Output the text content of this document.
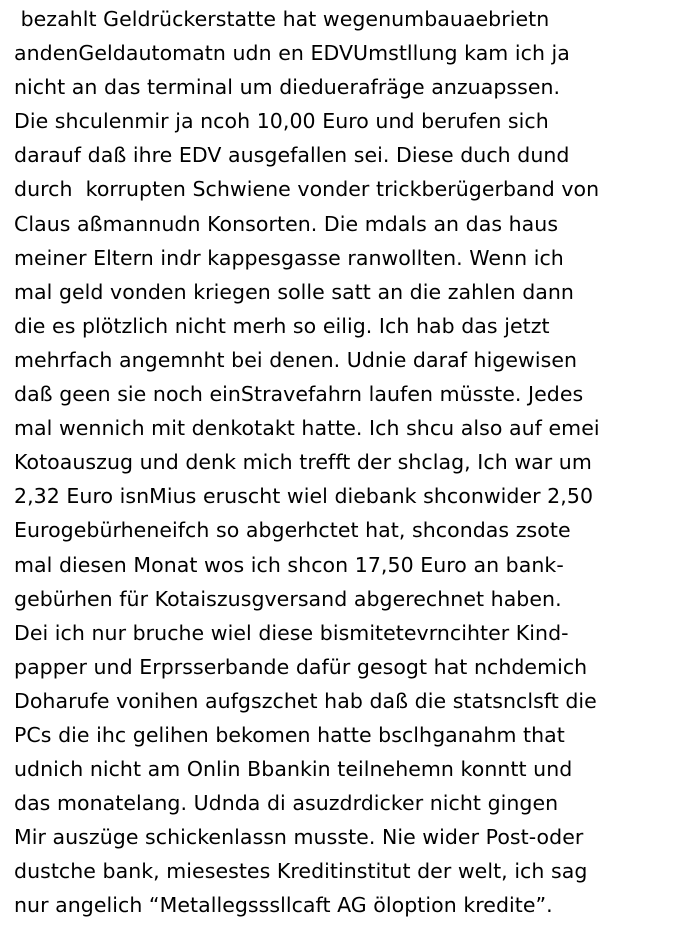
bezahlt Geldrückerstatte hat wegenumbauaebrietn
andenGeldautomatn udn en EDVUmstllung kam ich ja
nicht an das terminal um dieduerafräge anzuapssen.
Die shculenmir ja ncoh 10,00 Euro und berufen sich
darauf daß ihre EDV ausgefallen sei. Diese duch dund
durch  korrupten Schwiene vonder trickberügerband von
Claus aßmannudn Konsorten. Die mdals an das haus
meiner Eltern indr kappesgasse ranwollten. Wenn ich
mal geld vonden kriegen solle satt an die zahlen dann
die es plötzlich nicht merh so eilig. Ich hab das jetzt
mehrfach angemnht bei denen. Udnie daraf higewisen
daß geen sie noch einStravefahrn laufen müsste. Jedes
mal wennich mit denkotakt hatte. Ich shcu also auf emei
Kotoauszug und denk mich trefft der shclag, Ich war um
2,32 Euro isnMius eruscht wiel diebank shconwider 2,50
Eurogebürheneifch so abgerhctet hat, shcondas zsote
mal diesen Monat wos ich shcon 17,50 Euro an bank-
gebürhen für Kotaiszusgversand abgerechnet haben.
Dei ich nur bruche wiel diese bismitetevrncihter Kind-
papper und Erprsserbande dafür gesogt hat nchdemich
Doharufe vonihen aufgszchet hab daß die statsnclsft die
PCs die ihc gelihen bekomen hatte bsclhganahm that
udnich nicht am Onlin Bbankin teilnehemn konntt und
das monatelang. Udnda di asuzdrdicker nicht gingen
Mir auszüge schickenlassn musste. Nie wider Post-oder
dustche bank, miesestes Kreditinstitut der welt, ich sag
nur angelich “Metallegsssllcaft AG öloption kredite”.
